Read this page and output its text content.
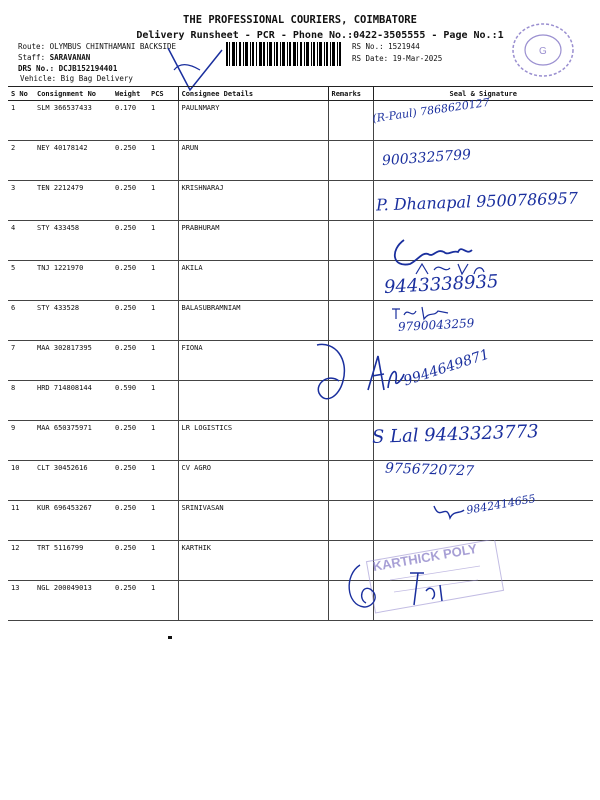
THE PROFESSIONAL COURIERS, COIMBATORE
Delivery Runsheet - PCR - Phone No.:0422-3505555 - Page No.:1
Route: OLYMBUS CHINTHAMANI BACKSIDE
Staff: SARAVANAN
DRS No.: DCJB152194401
Vehicle: Big Bag Delivery
RS No.: 1521944
RS Date: 19-Mar-2025
G
S No	Consignment No	Weight	PCS	Consignee Details	Remarks	Seal & Signature
1	SLM 366537433	0.170	1	PAULNMARY		
2	NEY 40178142	0.250	1	ARUN		
3	TEN 2212479	0.250	1	KRISHNARAJ		
4	STY 433458	0.250	1	PRABHURAM		
5	TNJ 1221970	0.250	1	AKILA		
6	STY 433528	0.250	1	BALASUBRAMNIAM		
7	MAA 302817395	0.250	1	FIONA		
8	HRD 714808144	0.590	1			
9	MAA 650375971	0.250	1	LR LOGISTICS		
10	CLT 30452616	0.250	1	CV AGRO		
11	KUR 696453267	0.250	1	SRINIVASAN		
12	TRT 5116799	0.250	1	KARTHIK		
13	NGL 200049013	0.250	1			
(R-Paul) 7868620127
9003325799
P. Dhanapal 9500786957
9443338935
9790043259
9944649871
S Lal 9443323773
9756720727
9842414655
KARTHICK POLY
